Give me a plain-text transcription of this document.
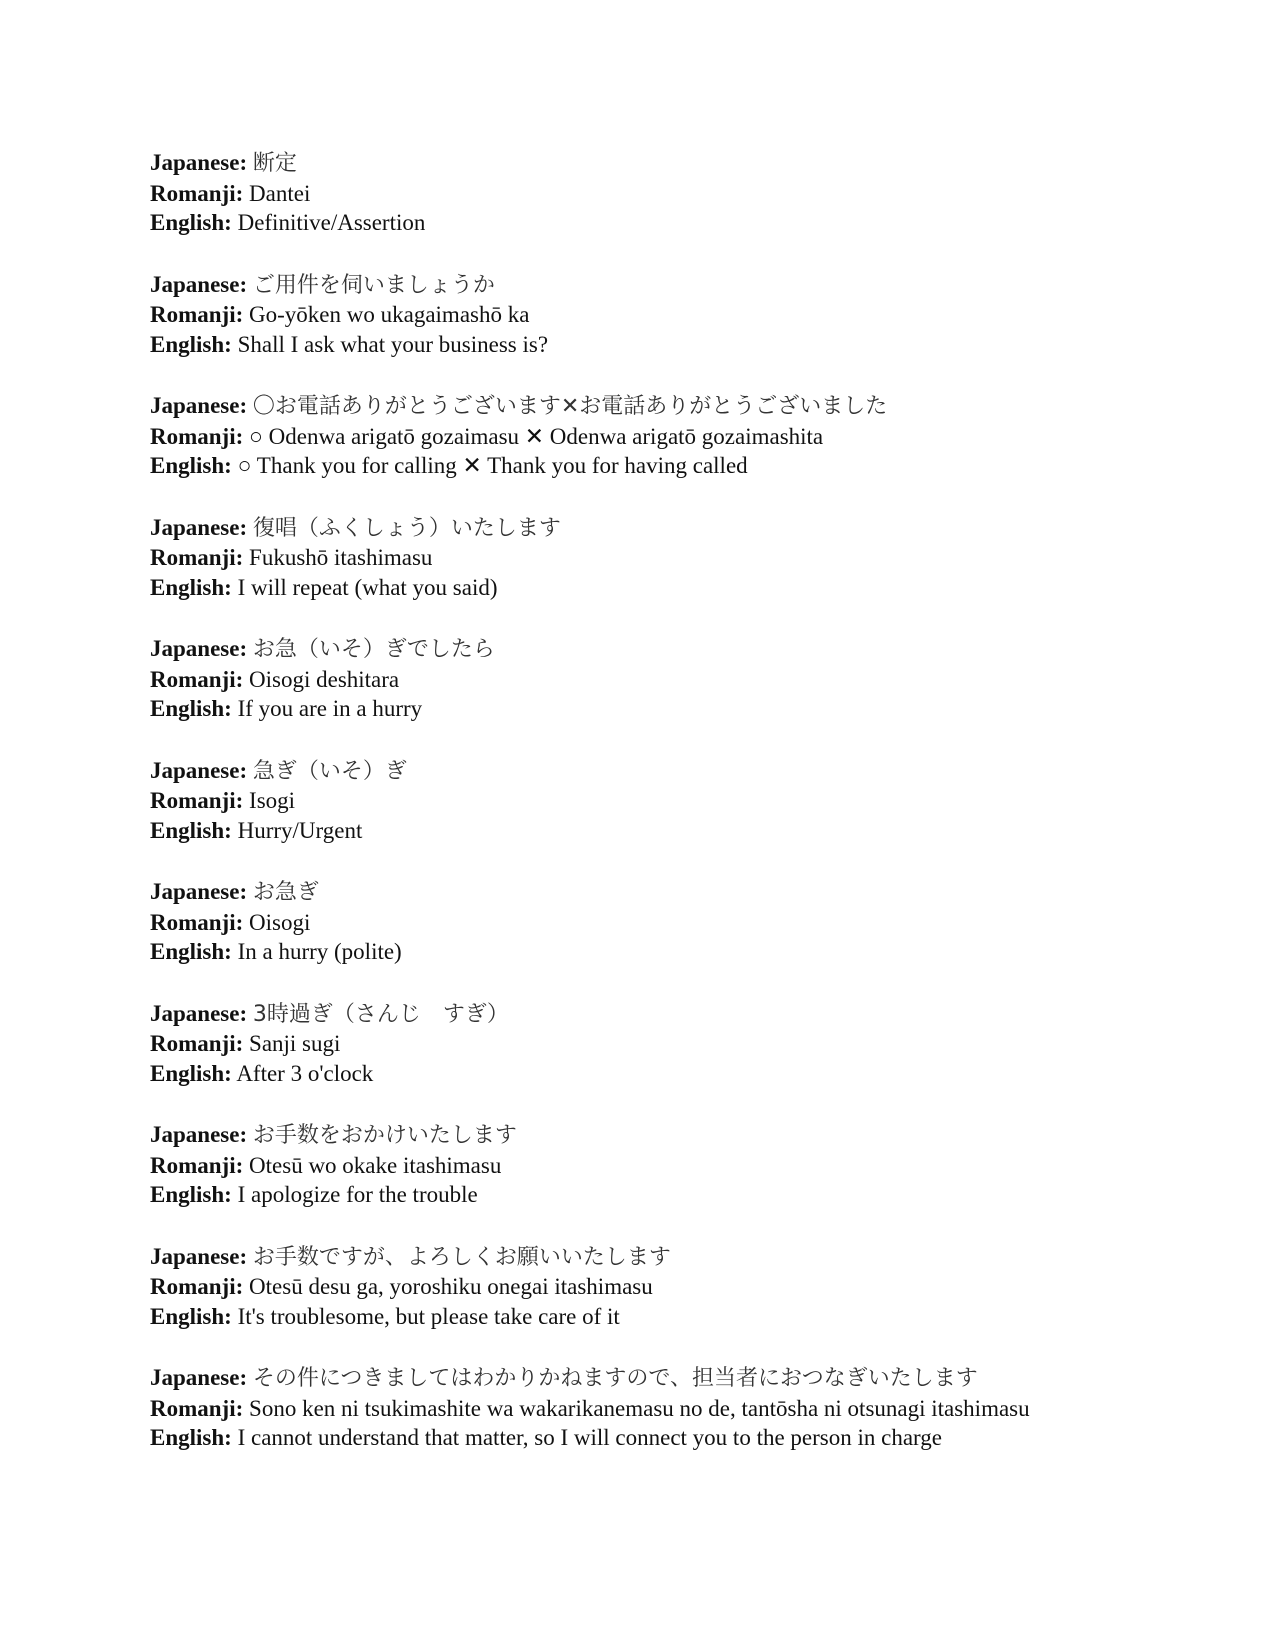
Japanese: 断定
Romanji: Dantei
English: Definitive/Assertion
Japanese: ご用件を伺いましょうか
Romanji: Go-yōken wo ukagaimashō ka
English: Shall I ask what your business is?
Japanese: 〇お電話ありがとうございます✕お電話ありがとうございました
Romanji: ○ Odenwa arigatō gozaimasu ✕ Odenwa arigatō gozaimashita
English: ○ Thank you for calling ✕ Thank you for having called
Japanese: 復唱（ふくしょう）いたします
Romanji: Fukushō itashimasu
English: I will repeat (what you said)
Japanese: お急（いそ）ぎでしたら
Romanji: Oisogi deshitara
English: If you are in a hurry
Japanese: 急ぎ（いそ）ぎ
Romanji: Isogi
English: Hurry/Urgent
Japanese: お急ぎ
Romanji: Oisogi
English: In a hurry (polite)
Japanese: 3時過ぎ（さんじ　すぎ）
Romanji: Sanji sugi
English: After 3 o'clock
Japanese: お手数をおかけいたします
Romanji: Otesū wo okake itashimasu
English: I apologize for the trouble
Japanese: お手数ですが、よろしくお願いいたします
Romanji: Otesū desu ga, yoroshiku onegai itashimasu
English: It's troublesome, but please take care of it
Japanese: その件につきましてはわかりかねますので、担当者におつなぎいたします
Romanji: Sono ken ni tsukimashite wa wakarikanemasu no de, tantōsha ni otsunagi itashimasu
English: I cannot understand that matter, so I will connect you to the person in charge
